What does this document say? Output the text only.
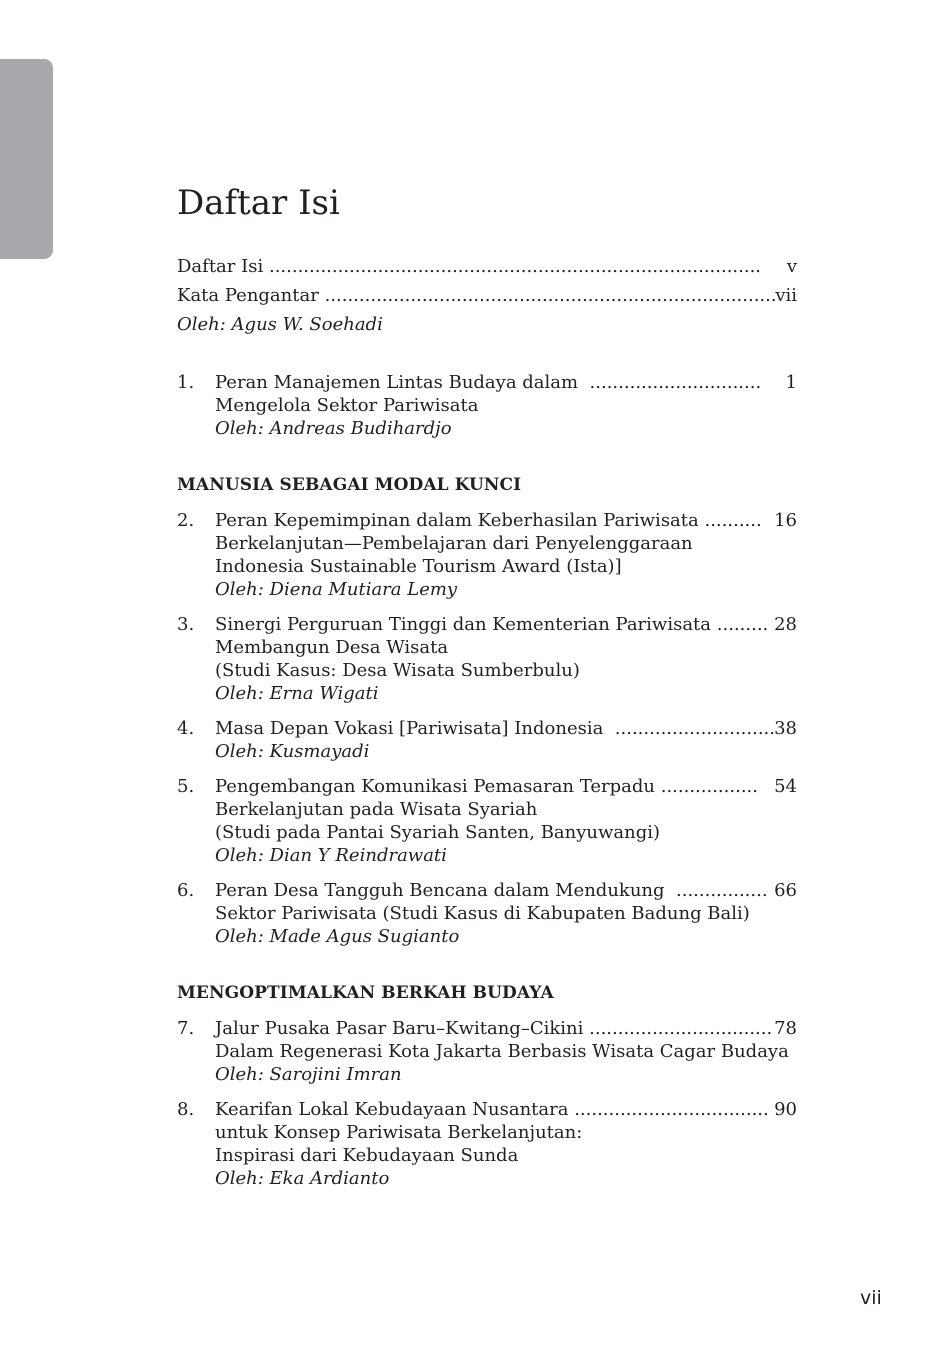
Daftar Isi
Daftar Isi ......................................................................................	v
Kata Pengantar ...............................................................................
vii
Oleh: Agus W. Soehadi
1. Peran Manajemen Lintas Budaya dalam ..............................
Mengelola Sektor Pariwisata
Oleh: Andreas Budihardjo
1
MANUSIA SEBAGAI MODAL KUNCI
2. Peran Kepemimpinan dalam Keberhasilan Pariwisata ..........
Berkelanjutan—Pembelajaran dari Penyelenggaraan
Indonesia Sustainable Tourism Award (Ista)]
Oleh: Diena Mutiara Lemy
16
3. Sinergi Perguruan Tinggi dan Kementerian Pariwisata .........
Membangun Desa Wisata
(Studi Kasus: Desa Wisata Sumberbulu)
Oleh: Erna Wigati
28
4. Masa Depan Vokasi [Pariwisata] Indonesia ............................
Oleh: Kusmayadi
38
5. Pengembangan Komunikasi Pemasaran Terpadu .................
Berkelanjutan pada Wisata Syariah
(Studi pada Pantai Syariah Santen, Banyuwangi)
Oleh: Dian Y Reindrawati
54
6. Peran Desa Tangguh Bencana dalam Mendukung ................
Sektor Pariwisata (Studi Kasus di Kabupaten Badung Bali)
Oleh: Made Agus Sugianto
66
MENGOPTIMALKAN BERKAH BUDAYA
7. Jalur Pusaka Pasar Baru–Kwitang–Cikini ................................
Dalam Regenerasi Kota Jakarta Berbasis Wisata Cagar Budaya
Oleh: Sarojini Imran
78
8. Kearifan Lokal Kebudayaan Nusantara ..................................
untuk Konsep Pariwisata Berkelanjutan:
Inspirasi dari Kebudayaan Sunda
Oleh: Eka Ardianto
90
vii
